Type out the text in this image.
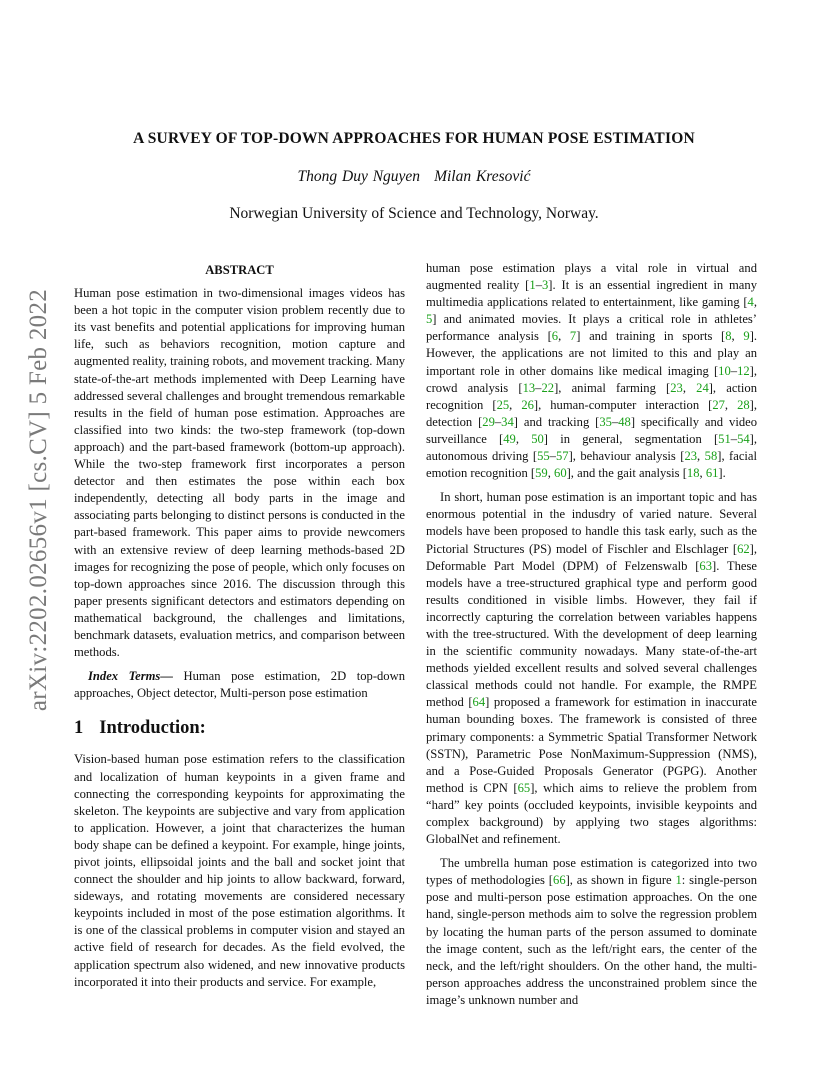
arXiv:2202.02656v1 [cs.CV] 5 Feb 2022
A SURVEY OF TOP-DOWN APPROACHES FOR HUMAN POSE ESTIMATION
Thong Duy Nguyen Milan Kresović
Norwegian University of Science and Technology, Norway.

ABSTRACT

Human pose estimation in two-dimensional images videos has been a hot topic in the computer vision problem recently due to its vast benefits and potential applications for improving human life, such as behaviors recognition, motion capture and augmented reality, training robots, and movement tracking. Many state-of-the-art methods implemented with Deep Learning have addressed several challenges and brought tremendous remarkable results in the field of human pose estimation. Approaches are classified into two kinds: the two-step framework (top-down approach) and the part-based framework (bottom-up approach). While the two-step framework first incorporates a person detector and then estimates the pose within each box independently, detecting all body parts in the image and associating parts belonging to distinct persons is conducted in the part-based framework. This paper aims to provide newcomers with an extensive review of deep learning methods-based 2D images for recognizing the pose of people, which only focuses on top-down approaches since 2016. The discussion through this paper presents significant detectors and estimators depending on mathematical background, the challenges and limitations, benchmark datasets, evaluation metrics, and comparison between methods.

Index Terms— Human pose estimation, 2D top-down approaches, Object detector, Multi-person pose estimation

1 Introduction:

Vision-based human pose estimation refers to the classification and localization of human keypoints in a given frame and connecting the corresponding keypoints for approximating the skeleton. The keypoints are subjective and vary from application to application. However, a joint that characterizes the human body shape can be defined a keypoint. For example, hinge joints, pivot joints, ellipsoidal joints and the ball and socket joint that connect the shoulder and hip joints to allow backward, forward, sideways, and rotating movements are considered necessary keypoints included in most of the pose estimation algorithms. It is one of the classical problems in computer vision and stayed an active field of research for decades. As the field evolved, the application spectrum also widened, and new innovative products incorporated it into their products and service. For example,

human pose estimation plays a vital role in virtual and augmented reality [1–3]. It is an essential ingredient in many multimedia applications related to entertainment, like gaming [4, 5] and animated movies. It plays a critical role in athletes’ performance analysis [6, 7] and training in sports [8, 9]. However, the applications are not limited to this and play an important role in other domains like medical imaging [10–12], crowd analysis [13–22], animal farming [23, 24], action recognition [25, 26], human-computer interaction [27, 28], detection [29–34] and tracking [35–48] specifically and video surveillance [49, 50] in general, segmentation [51–54], autonomous driving [55–57], behaviour analysis [23, 58], facial emotion recognition [59, 60], and the gait analysis [18, 61].

In short, human pose estimation is an important topic and has enormous potential in the indusdry of varied nature. Several models have been proposed to handle this task early, such as the Pictorial Structures (PS) model of Fischler and Elschlager [62], Deformable Part Model (DPM) of Felzenswalb [63]. These models have a tree-structured graphical type and perform good results conditioned in visible limbs. However, they fail if incorrectly capturing the correlation between variables happens with the tree-structured. With the development of deep learning in the scientific community nowadays. Many state-of-the-art methods yielded excellent results and solved several challenges classical methods could not handle. For example, the RMPE method [64] proposed a framework for estimation in inaccurate human bounding boxes. The framework is consisted of three primary components: a Symmetric Spatial Transformer Network (SSTN), Parametric Pose NonMaximum-Suppression (NMS), and a Pose-Guided Proposals Generator (PGPG). Another method is CPN [65], which aims to relieve the problem from “hard” key points (occluded keypoints, invisible keypoints and complex background) by applying two stages algorithms: GlobalNet and refinement.

The umbrella human pose estimation is categorized into two types of methodologies [66], as shown in figure 1: single-person pose and multi-person pose estimation approaches. On the one hand, single-person methods aim to solve the regression problem by locating the human parts of the person assumed to dominate the image content, such as the left/right ears, the center of the neck, and the left/right shoulders. On the other hand, the multi-person approaches address the unconstrained problem since the image’s unknown number and
